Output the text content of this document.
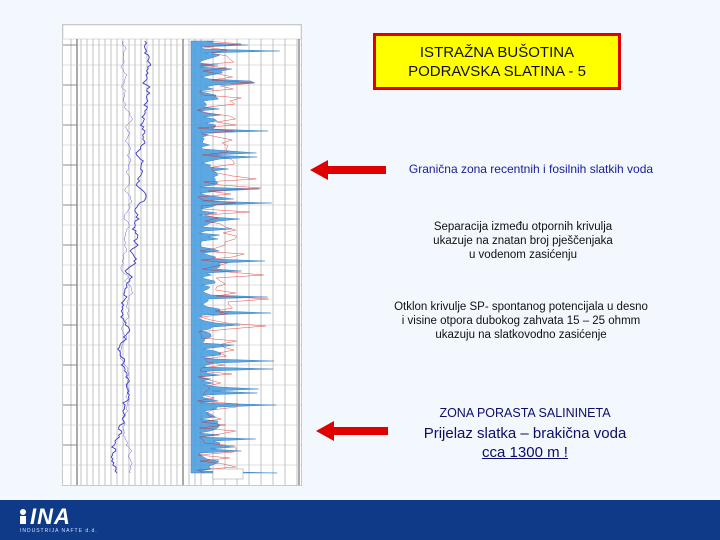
ISTRAŽNA BUŠOTINA
PODRAVSKA SLATINA - 5
Granična zona recentnih i fosilnih slatkih voda
Separacija između otpornih krivulja
ukazuje na znatan broj pješčenjaka
u vodenom zasićenju
Otklon krivulje SP- spontanog potencijala u desno
i visine otpora dubokog zahvata 15 – 25 ohmm
ukazuju na slatkovodno zasićenje
ZONA PORASTA SALININETA
Prijelaz slatka – brakična voda
cca 1300 m !
INA
INDUSTRIJA NAFTE d.d.
